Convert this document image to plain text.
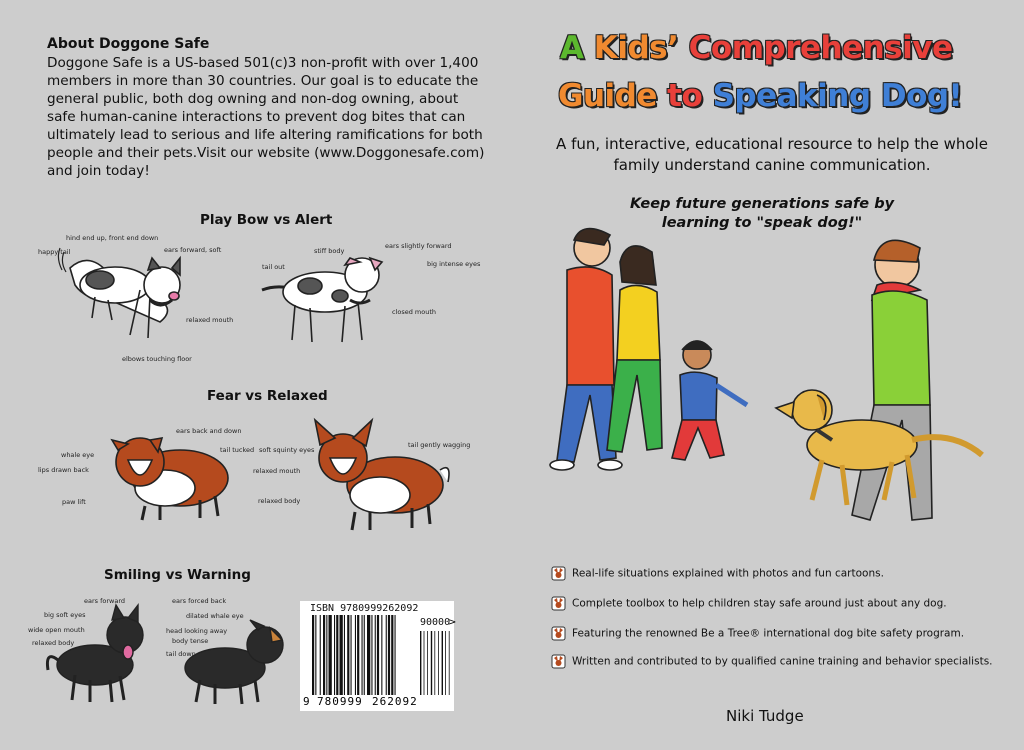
About Doggone Safe
Doggone Safe is a US-based 501(c)3 non-profit with over 1,400 members in more than 30 countries. Our goal is to educate the general public, both dog owning and non-dog owning, about safe human-canine interactions to prevent dog bites that can ultimately lead to serious and life altering ramifications for both people and their pets.Visit our website (www.Doggonesafe.com) and join today!
Play Bow vs Alert
hind end up, front end down
happy tail	ears forward, soft
relaxed mouth
elbows touching floor
stiff body
ears slightly forward
big intense eyes
tail out
closed mouth
Fear vs Relaxed
ears back and down
whale eye
tail tucked
lips drawn back
paw lift
soft squinty eyes
tail gently wagging
relaxed mouth
relaxed body
Smiling vs Warning
ears forward
big soft eyes
wide open mouth
relaxed body
ears forced back
dilated whale eye
head looking away
body tense
tail down
ISBN 9780999262092
90000
>
9 780999 262092
A Kids’ Comprehensive
Guide to Speaking Dog!
A fun, interactive, educational resource to help the whole family understand canine communication.
Keep future generations safe by learning to "speak dog!"
Real-life situations explained with photos and fun cartoons.
Complete toolbox to help children stay safe around just about any dog.
Featuring the renowned Be a Tree® international dog bite safety program.
Written and contributed to by qualified canine training and behavior specialists.
Niki Tudge
